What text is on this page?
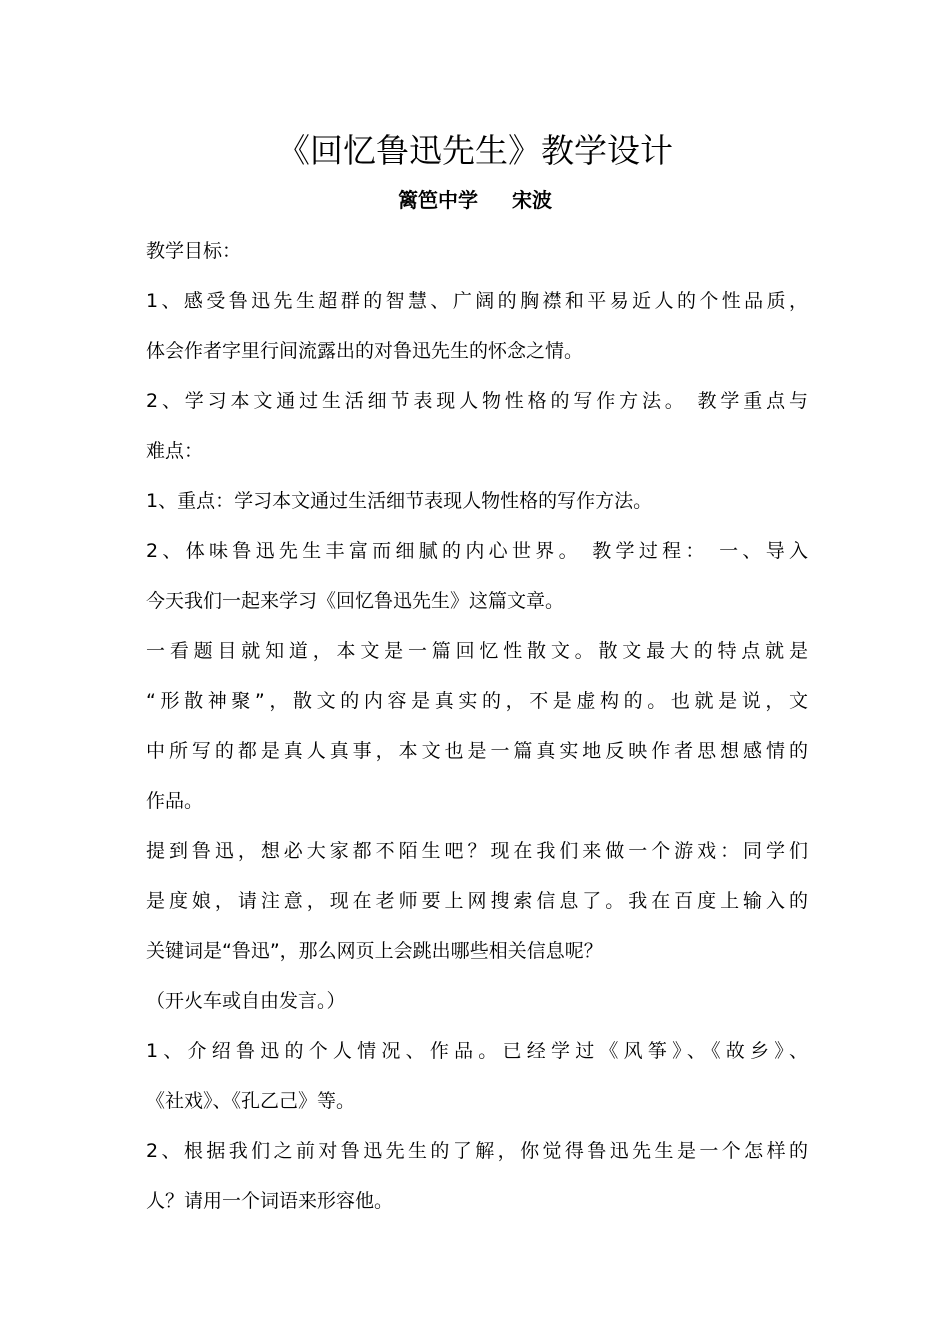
《回忆鲁迅先生》教学设计
篱笆中学 宋波
教学目标：
1、感受鲁迅先生超群的智慧、广阔的胸襟和平易近人的个性品质，
体会作者字里行间流露出的对鲁迅先生的怀念之情。
2、学习本文通过生活细节表现人物性格的写作方法。 教学重点与
难点：
1、重点：学习本文通过生活细节表现人物性格的写作方法。
2、体味鲁迅先生丰富而细腻的内心世界。 教学过程： 一、导入
今天我们一起来学习《回忆鲁迅先生》这篇文章。
一看题目就知道，本文是一篇回忆性散文。散文最大的特点就是
“形散神聚”，散文的内容是真实的，不是虚构的。也就是说，文
中所写的都是真人真事，本文也是一篇真实地反映作者思想感情的
作品。
提到鲁迅，想必大家都不陌生吧？现在我们来做一个游戏：同学们
是度娘，请注意，现在老师要上网搜索信息了。我在百度上输入的
关键词是“鲁迅”，那么网页上会跳出哪些相关信息呢？
（开火车或自由发言。）
1、介绍鲁迅的个人情况、作品。已经学过《风筝》、《故乡》、
《社戏》、《孔乙己》等。
2、根据我们之前对鲁迅先生的了解，你觉得鲁迅先生是一个怎样的
人？请用一个词语来形容他。
